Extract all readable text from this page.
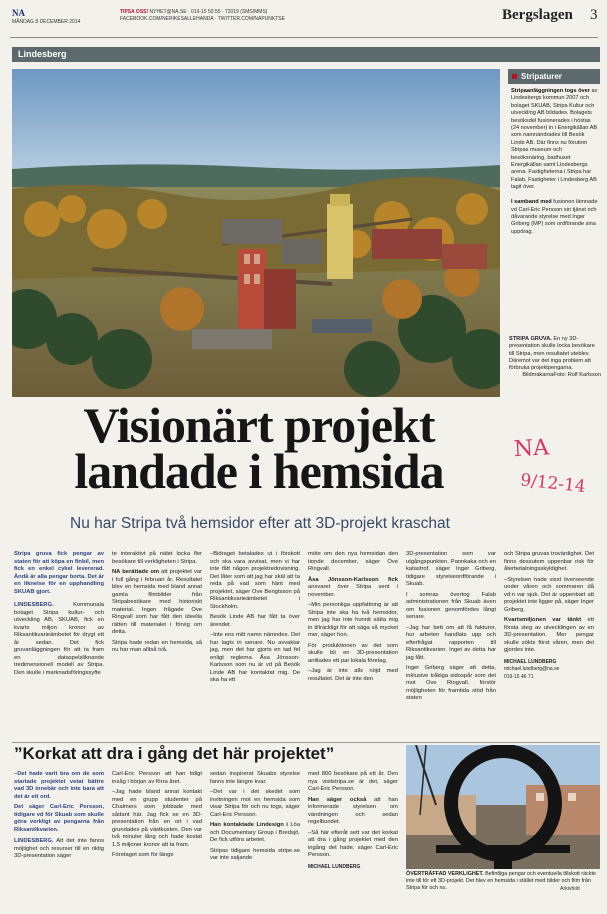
NA
MÅNDAG 8 DECEMBER 2014
TIPSA OSS! NYHET@NA.SE · 019-15 50 55 · 72019 (SMS/MMS)
FACEBOOK.COM/NERIKESALLEHANDA · TWITTER.COM/NAPUNKTSE	Bergslagen 3
Lindesberg
Stripaturer
Stripaanläggningen togs över av Lindesbergs kommun 2007 och bolaget SKUAB, Stripa Kultur och utveckling AB bildades. Bolagets besöksdel fusionerades i höstas (24 november) in i Energikällan AB som namnändrades till Besök Linde AB. Där finns nu förutom Stripas museum och besöksnäring, badhuset Energikällan samt Lindesbergs arena. Fastigheterna i Stripa har Falab, Fastigheter i Lindesberg AB tagit över.

I samband med fusionen lämnade vd Carl-Eric Persson sin tjänst och dåvarande styrelse med Inger Griberg (MP) som ordförande sina uppdrag.
STRIPA GRUVA. En ny 3D-presentation skulle locka besökare till Stripa, men resultatet uteblev. Däremot var det inga problem att förbruka projektpengarna.
Foto: Rolf Karlsson

Bildmakarna
Visionärt projekt
landade i hemsida	NA
9/12-14
Nu har Stripa två hemsidor efter att 3D-projekt kraschat
Stripa gruva fick pengar av staten för att köpa en finbil, men fick en enkel cykel levererad. Ändå är alla pengar borta. Det är en liknelse för en upphandling SKUAB gjort.
LINDESBERG. Kommunala bolaget Stripa kultur- och utveckling AB, SKUAB, fick en kvarts miljon kronor av Riksantikvarieämbetet för drygt ett år sedan. Det fick gruvanläggningen för att ta fram en dataspelsliknande tredimensionell modell av Stripa. Den skulle i marknadsföringssyfte
te interaktivt på nätet locka fler besökare till verkligheten i Stripa.
NA berättade om att projektet var i full gång i februari år. Resultatet blev en hemsida med bland annat gamla filmbilder från Stripabesökare med historiskt material. Ingen frågade Ove Ringvall som har fått den ideella rätten till materialet i förvig om detta.
Stripa hade redan en hemsida, så nu har man alltså två.
–Bidraget betalades ut i förskott och ska vara avvisat, men vi har inte fått någon projektredovisning. Det låter som att jag har skäl att ta reda på vad som hänt med projektet, säger Ove Bengtsson på Riksantikvarieämbetet i Stockholm.
Besök Linde AB har fått ta över ärendet.
–Inte ens mitt namn nämndes. Det har lagts in senare. Nu avvaktar jag, men det har gjorts en tad fel enligt reglerna. Åsa Jönsson-Karlsson som nu är vd på Besök Linde AB har kontaktat mig. De ska ha ett
möte om den nya hemsidan den tionde december, säger Ove Ringvall.
Åsa Jönsson-Karlsson fick ansvaret över Stripa sent i november.
–Min personliga uppfattning är att Stripa inte ska ha två hemsidor, men jag har inte hunnit sätta mig in tillräckligt för att säga så mycket mer, säger hon.
För produktionen av det som skulle bli en 3D-presentation anlitades ett par lokala företag.
–Jag är inte alls nöjd med resultatet. Det är inte den
3D-presentation som var utgångspunkten. Pannkaka och en katastrof, säger Inger Griberg, tidigare styrelseordförande i Skuab.
I somras övertog Falab administrationen från Skuab även om fusionen genomfördes långt senare.
–Jag har bett om att få fakturor, hur arbeten handlats upp och efterfrågat rapporten till Riksantikvarien. Inget av detta har jag fått.
Inger Griberg säger att detta, inklusive tråkiga sidospår som det mot Ove Ringvall, förstör möjligheten för framtida stöd från staten
och Stripa gruvas trovärdighet. Det finns dessutom uppenbar risk för återbetalningsskyldighet.
–Styrelsen hade visst överseende under våren och sommaren då vd:n var sjuk. Det är uppenbart att projektet inte ligger på, säger Inger Griberg.
Kvartsmiljonen var tänkt ett första steg av utvecklingen av en 3D-presentation. Mer pengar skulle sökts först våren, men det gjordes inte.
MICHAEL LUNDBERG
michael.lundberg@na.se
019-15 46 71
”Korkat att dra i gång det här projektet”
–Det hade varit bra om de som startade projektet vetat bättre vad 3D innebär och inte bara att det är ett ord.
Det säger Carl-Eric Persson, tidigare vd för Skuab som skulle göra verkligt av pengarna från Riksantikvarien.
LINDESBERG. Att det inte fanns möjlighet och resurser till en riktig 3D-presentation säger
Carl-Eric Persson att han tidigt insåg i början av förra året.
–Jag hade bland annat kontakt med en grupp studenter på Chalmers som jobbade med sådant här. Jag fick se en 3D-presentation från en ort i vad grundades på västkusten. Den var två minuter lång och hade kostat 1,5 miljoner kronor att ta fram.
Företaget som för länge
sedan inspirerat Skuabs styrelse fanns inte längre kvar.
–Det var i det skedet som invitningen mot en hemsida som visar Stripa för och nu togs, säger Carl-Eric Persson.
Han kontaktade Lindesign i Löa och Documentary Group i Bredsjö. De fick utföra arbetet.
Stripas tidigare hemsida stripe.se var inte saljande
med 800 besökare på ett år. Den nya visitstripa.se är det, säger Carl-Eric Persson.
Han säger också att han informerade styrelsen om vändningen och sedan regelbundet.
–Så här efteråt sett var det korkat att dra i gång projektet med den ingång det hade, säger Carl-Eric Persson.
MICHAEL LUNDBERG
ÖVERTRÄFFAD VERKLIGHET. Befintliga pengar och eventuella tillskott räckte inte till för ett 3D-projekt. Det blev en hemsida i stället med bilder och film från Stripa för och nu.	Arkivbild
